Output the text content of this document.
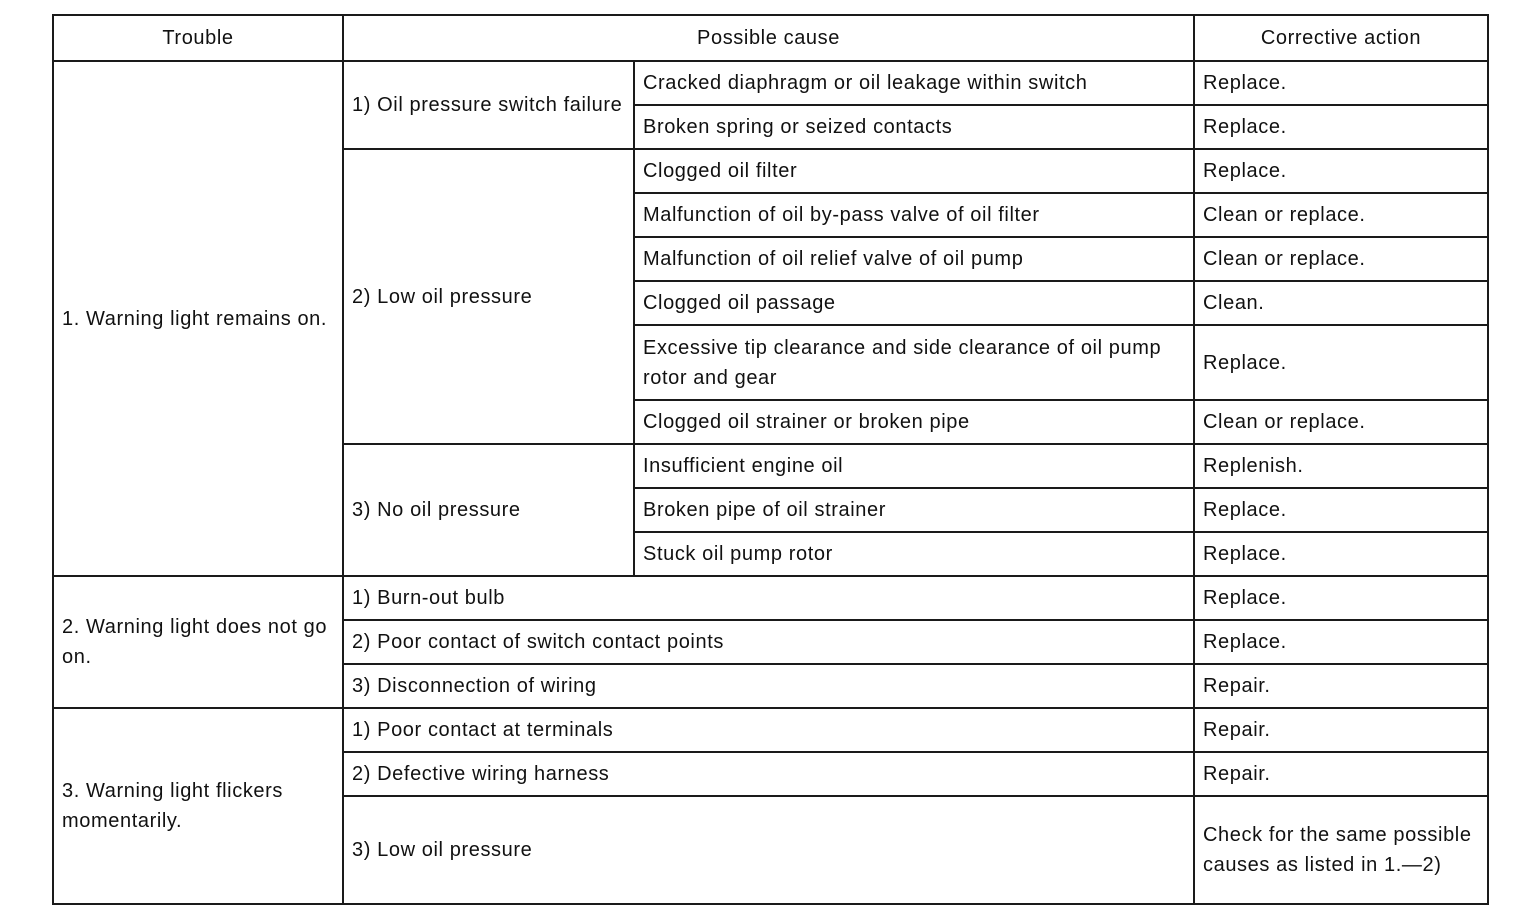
Trouble	Possible cause		Corrective action
1. Warning light remains on.	1) Oil pressure switch failure	Cracked diaphragm or oil leakage within switch	Replace.
		Broken spring or seized contacts	Replace.
	2) Low oil pressure	Clogged oil filter	Replace.
		Malfunction of oil by-pass valve of oil filter	Clean or replace.
		Malfunction of oil relief valve of oil pump	Clean or replace.
		Clogged oil passage	Clean.
		Excessive tip clearance and side clearance of oil pump rotor and gear	Replace.
		Clogged oil strainer or broken pipe	Clean or replace.
	3) No oil pressure	Insufficient engine oil	Replenish.
		Broken pipe of oil strainer	Replace.
		Stuck oil pump rotor	Replace.
2. Warning light does not go on.	1) Burn-out bulb		Replace.
	2) Poor contact of switch contact points		Replace.
	3) Disconnection of wiring		Repair.
3. Warning light flickers momentarily.	1) Poor contact at terminals		Repair.
	2) Defective wiring harness		Repair.
	3) Low oil pressure		Check for the same possible causes as listed in 1.—2)
